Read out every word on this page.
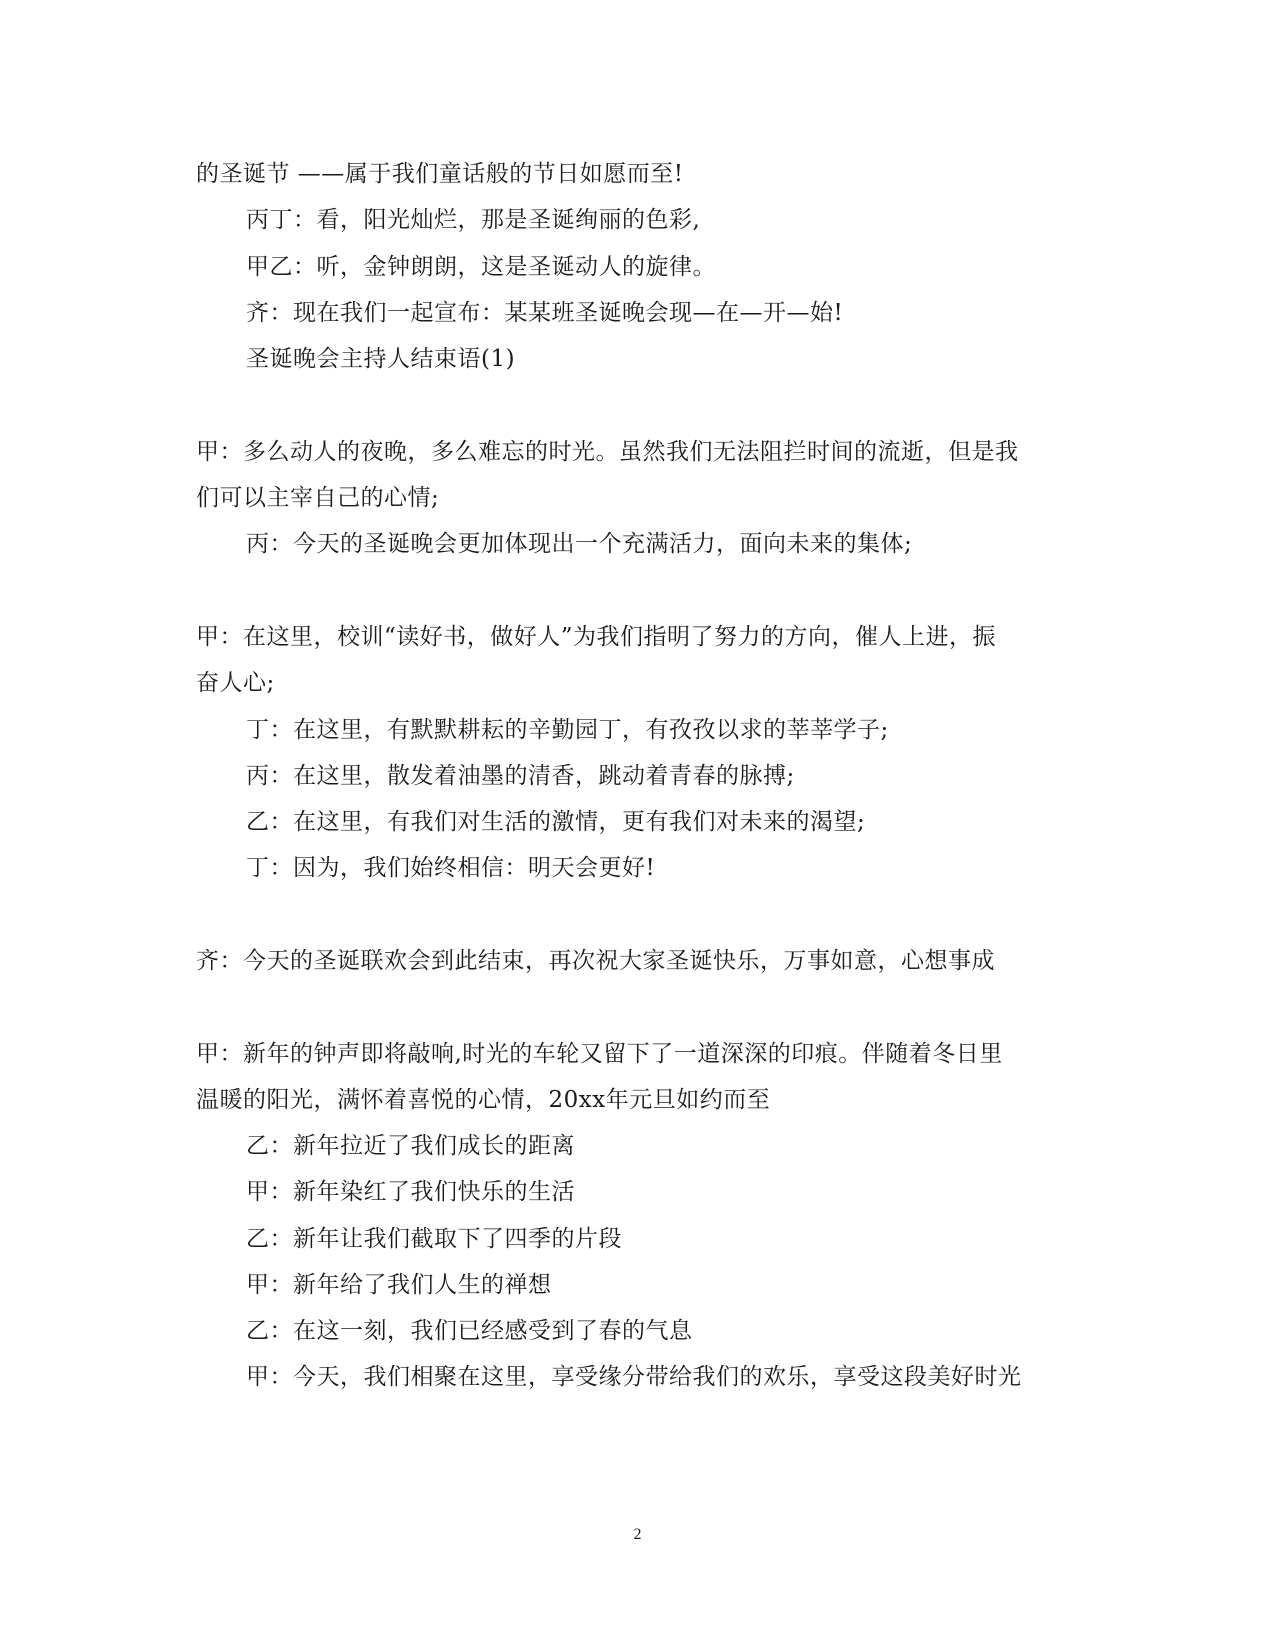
的圣诞节 ——属于我们童话般的节日如愿而至!
丙丁：看，阳光灿烂，那是圣诞绚丽的色彩,
甲乙：听，金钟朗朗，这是圣诞动人的旋律。
齐：现在我们一起宣布：某某班圣诞晚会现—在—开—始!
圣诞晚会主持人结束语(1)
甲：多么动人的夜晚，多么难忘的时光。虽然我们无法阻拦时间的流逝，但是我
们可以主宰自己的心情;
丙：今天的圣诞晚会更加体现出一个充满活力，面向未来的集体;
甲：在这里，校训“读好书，做好人”为我们指明了努力的方向，催人上进，振
奋人心;
丁：在这里，有默默耕耘的辛勤园丁，有孜孜以求的莘莘学子;
丙：在这里，散发着油墨的清香，跳动着青春的脉搏;
乙：在这里，有我们对生活的激情，更有我们对未来的渴望;
丁：因为，我们始终相信：明天会更好!
齐：今天的圣诞联欢会到此结束，再次祝大家圣诞快乐，万事如意，心想事成
甲：新年的钟声即将敲响,时光的车轮又留下了一道深深的印痕。伴随着冬日里
温暖的阳光，满怀着喜悦的心情，20xx年元旦如约而至
乙：新年拉近了我们成长的距离
甲：新年染红了我们快乐的生活
乙：新年让我们截取下了四季的片段
甲：新年给了我们人生的禅想
乙：在这一刻，我们已经感受到了春的气息
甲：今天，我们相聚在这里，享受缘分带给我们的欢乐，享受这段美好时光
2
